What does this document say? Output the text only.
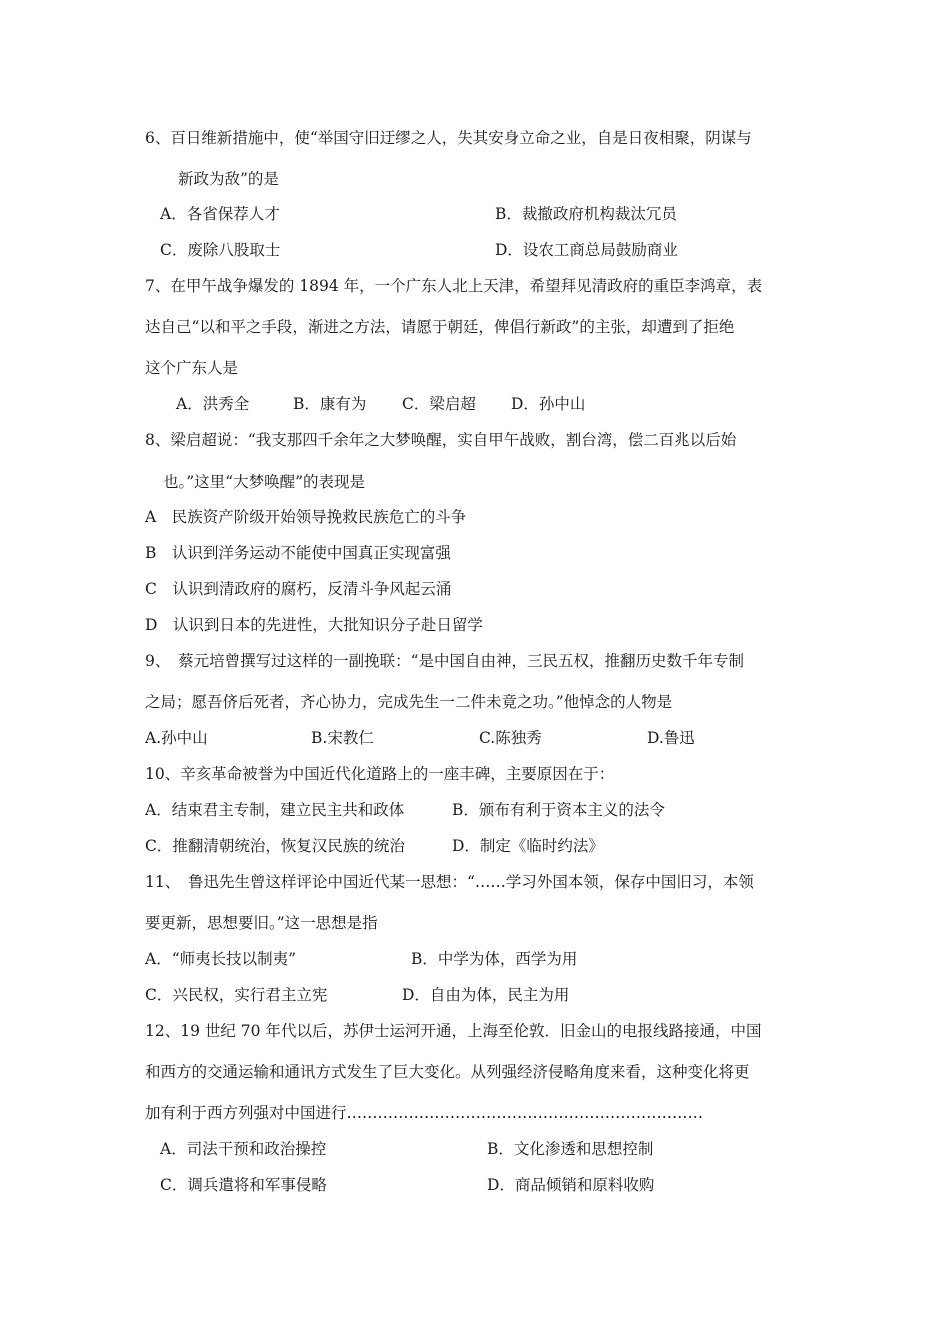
6、百日维新措施中，使“举国守旧迂缪之人，失其安身立命之业，自是日夜相聚，阴谋与
新政为敌”的是
A．各省保荐人才	B．裁撤政府机构裁汰冗员
C．废除八股取士	D．设农工商总局鼓励商业
7、在甲午战争爆发的 1894 年，一个广东人北上天津，希望拜见清政府的重臣李鸿章，表
达自己“以和平之手段，渐进之方法，请愿于朝廷，俾倡行新政”的主张，却遭到了拒绝
这个广东人是
A．洪秀全	B．康有为 C．梁启超 D．孙中山
8、梁启超说：“我支那四千余年之大梦唤醒，实自甲午战败，割台湾，偿二百兆以后始
也。”这里“大梦唤醒”的表现是
A　民族资产阶级开始领导挽救民族危亡的斗争
B　认识到洋务运动不能使中国真正实现富强
C　认识到清政府的腐朽，反清斗争风起云涌
D　认识到日本的先进性，大批知识分子赴日留学
9、　蔡元培曾撰写过这样的一副挽联：“是中国自由神，三民五权，推翻历史数千年专制
之局；愿吾侪后死者，齐心协力，完成先生一二件未竟之功。”他悼念的人物是
A.孙中山	B.宋教仁	C.陈独秀	D.鲁迅
10、辛亥革命被誉为中国近代化道路上的一座丰碑，主要原因在于：
A．结束君主专制，建立民主共和政体	B．颁布有利于资本主义的法令
C．推翻清朝统治，恢复汉民族的统治	D．制定《临时约法》
11、　鲁迅先生曾这样评论中国近代某一思想：“……学习外国本领，保存中国旧习，本领
要更新，思想要旧。”这一思想是指
A．“师夷长技以制夷”	B．中学为体，西学为用
C．兴民权，实行君主立宪	D．自由为体，民主为用
12、19 世纪 70 年代以后，苏伊士运河开通，上海至伦敦．旧金山的电报线路接通，中国
和西方的交通运输和通讯方式发生了巨大变化。从列强经济侵略角度来看，这种变化将更
加有利于西方列强对中国进行……………………………………………………………
A．司法干预和政治操控	B．文化渗透和思想控制
C．调兵遣将和军事侵略	D．商品倾销和原料收购
